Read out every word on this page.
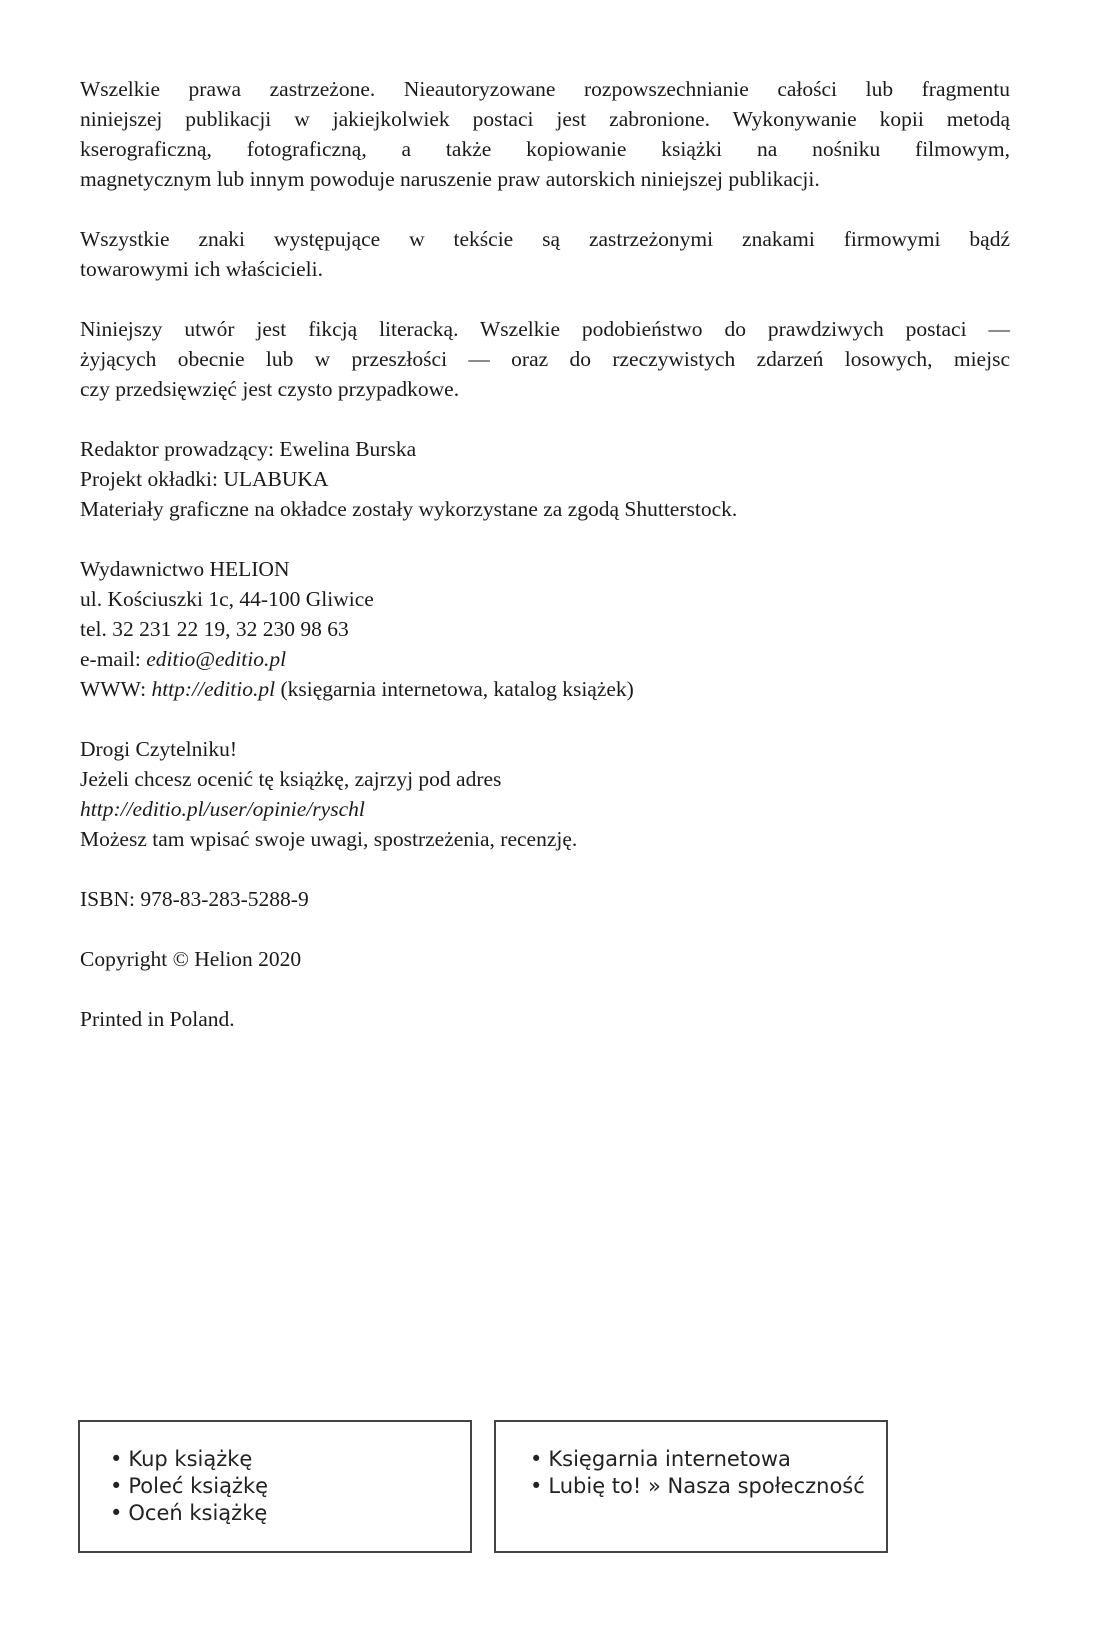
Wszelkie prawa zastrzeżone. Nieautoryzowane rozpowszechnianie całości lub fragmentu
niniejszej publikacji w jakiejkolwiek postaci jest zabronione. Wykonywanie kopii metodą
kserograficzną, fotograficzną, a także kopiowanie książki na nośniku filmowym,
magnetycznym lub innym powoduje naruszenie praw autorskich niniejszej publikacji.

Wszystkie znaki występujące w tekście są zastrzeżonymi znakami firmowymi bądź
towarowymi ich właścicieli.

Niniejszy utwór jest fikcją literacką. Wszelkie podobieństwo do prawdziwych postaci —
żyjących obecnie lub w przeszłości — oraz do rzeczywistych zdarzeń losowych, miejsc
czy przedsięwzięć jest czysto przypadkowe.

Redaktor prowadzący: Ewelina Burska
Projekt okładki: ULABUKA
Materiały graficzne na okładce zostały wykorzystane za zgodą Shutterstock.

Wydawnictwo HELION
ul. Kościuszki 1c, 44-100 Gliwice
tel. 32 231 22 19, 32 230 98 63
e-mail: editio@editio.pl
WWW: http://editio.pl (księgarnia internetowa, katalog książek)

Drogi Czytelniku!
Jeżeli chcesz ocenić tę książkę, zajrzyj pod adres
http://editio.pl/user/opinie/ryschl
Możesz tam wpisać swoje uwagi, spostrzeżenia, recenzję.

ISBN: 978-83-283-5288-9

Copyright © Helion 2020

Printed in Poland.

• Kup książkę
• Poleć książkę
• Oceń książkę
• Księgarnia internetowa
• Lubię to! » Nasza społeczność
